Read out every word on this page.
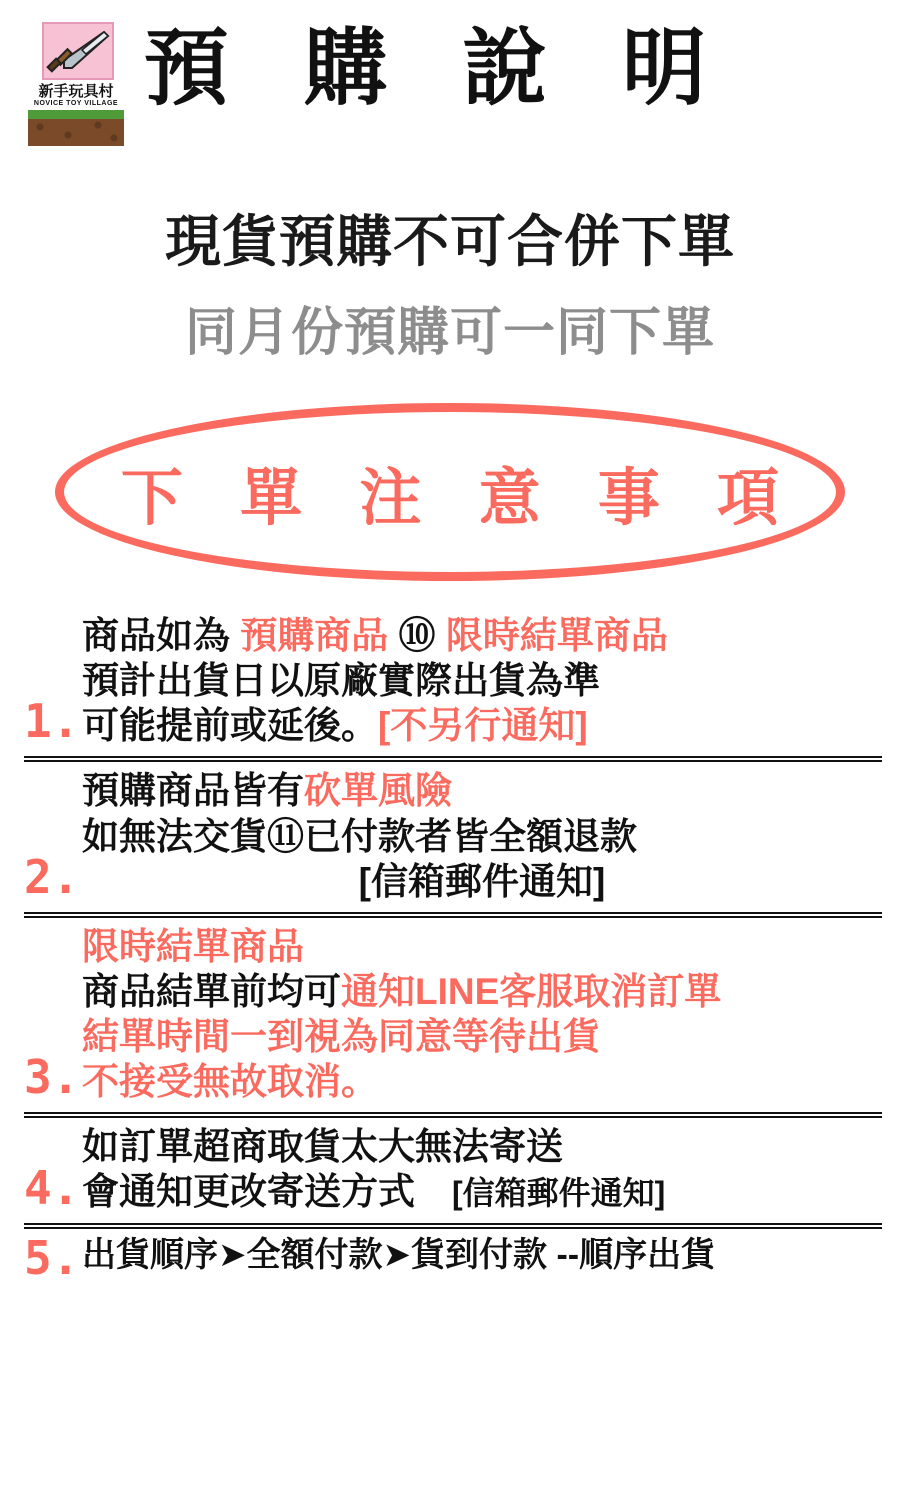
新手玩具村
NOVICE TOY VILLAGE 預 購 說 明
現貨預購不可合併下單
同月份預購可一同下單
下 單 注 意 事 項
1.
商品如為 預購商品 ⑩ 限時結單商品
預計出貨日以原廠實際出貨為準
可能提前或延後。[不另行通知]
2.
預購商品皆有砍單風險
如無法交貨⑪已付款者皆全額退款
[信箱郵件通知]
3.
限時結單商品
商品結單前均可通知LINE客服取消訂單
結單時間一到視為同意等待出貨
不接受無故取消。
4.
如訂單超商取貨太大無法寄送
會通知更改寄送方式　[信箱郵件通知]
5. 出貨順序➤全額付款➤貨到付款 --順序出貨
